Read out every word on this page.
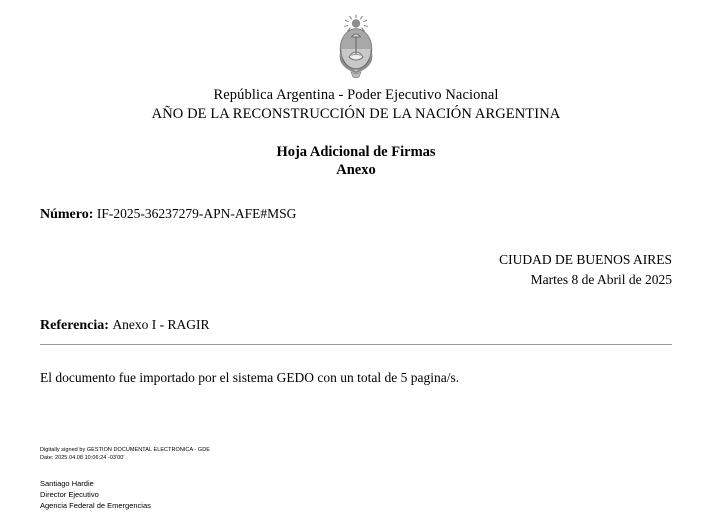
República Argentina - Poder Ejecutivo Nacional
AÑO DE LA RECONSTRUCCIÓN DE LA NACIÓN ARGENTINA
Hoja Adicional de Firmas
Anexo
Número: IF-2025-36237279-APN-AFE#MSG
CIUDAD DE BUENOS AIRES
Martes 8 de Abril de 2025
Referencia: Anexo I - RAGIR
El documento fue importado por el sistema GEDO con un total de 5 pagina/s.
Digitally signed by GESTION DOCUMENTAL ELECTRONICA - GDE
Date: 2025.04.08 10:06:24 -03'00'
Santiago Hardie
Director Ejecutivo
Agencia Federal de Emergencias
